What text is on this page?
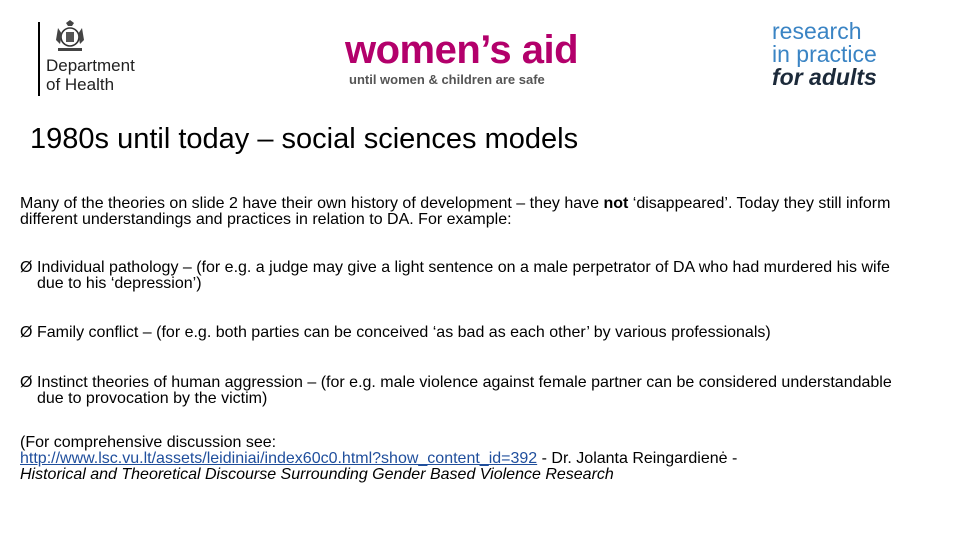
Department
of Health
women’s aid
until women & children are safe
research
in practice
for adults
1980s until today – social sciences models

Many of the theories on slide 2 have their own history of development – they have not ‘disappeared’. Today they still inform different understandings and practices in relation to DA. For example:

Ø Individual pathology – (for e.g. a judge may give a light sentence on a male perpetrator of DA who had murdered his wife due to his ‘depression’)

Ø Family conflict – (for e.g. both parties can be conceived ‘as bad as each other’ by various professionals)

Ø Instinct theories of human aggression – (for e.g. male violence against female partner can be considered understandable due to provocation by the victim)

(For comprehensive discussion see:
http://www.lsc.vu.lt/assets/leidiniai/index60c0.html?show_content_id=392 - Dr. Jolanta Reingardienė -
Historical and Theoretical Discourse Surrounding Gender Based Violence Research
